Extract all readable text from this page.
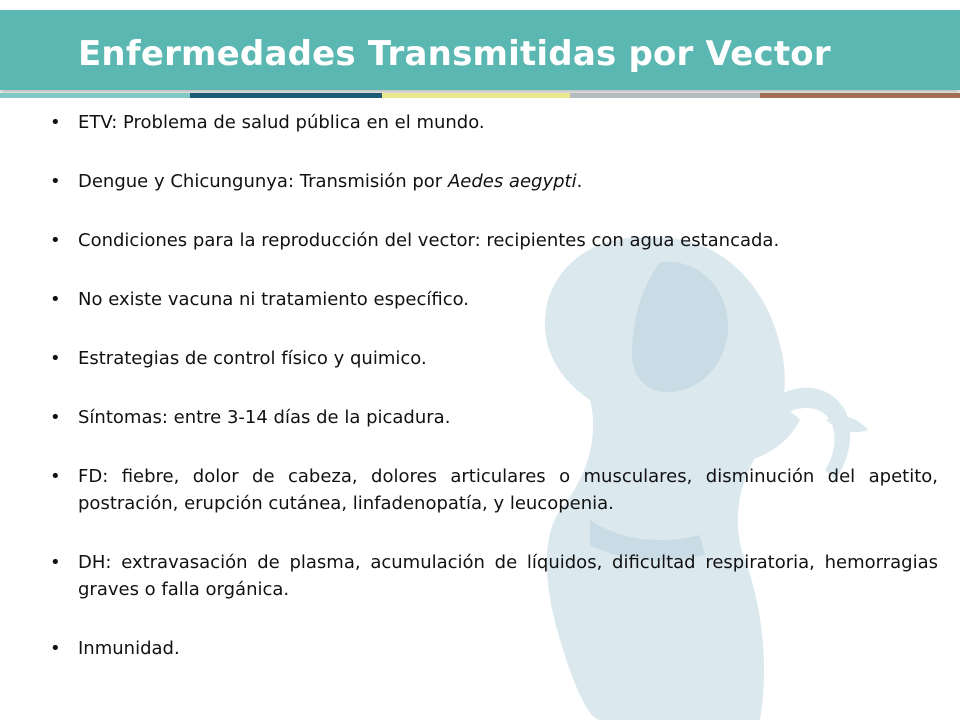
Enfermedades Transmitidas por Vector
• ETV: Problema de salud pública en el mundo.
• Dengue y Chicungunya: Transmisión por Aedes aegypti.
• Condiciones para la reproducción del vector: recipientes con agua estancada.
• No existe vacuna ni tratamiento específico.
• Estrategias de control físico y quimico.
• Síntomas: entre 3-14 días de la picadura.
• FD: fiebre, dolor de cabeza, dolores articulares o musculares, disminución del apetito, postración, erupción cutánea, linfadenopatía, y leucopenia.
• DH: extravasación de plasma, acumulación de líquidos, dificultad respiratoria, hemorragias graves o falla orgánica.
• Inmunidad.
